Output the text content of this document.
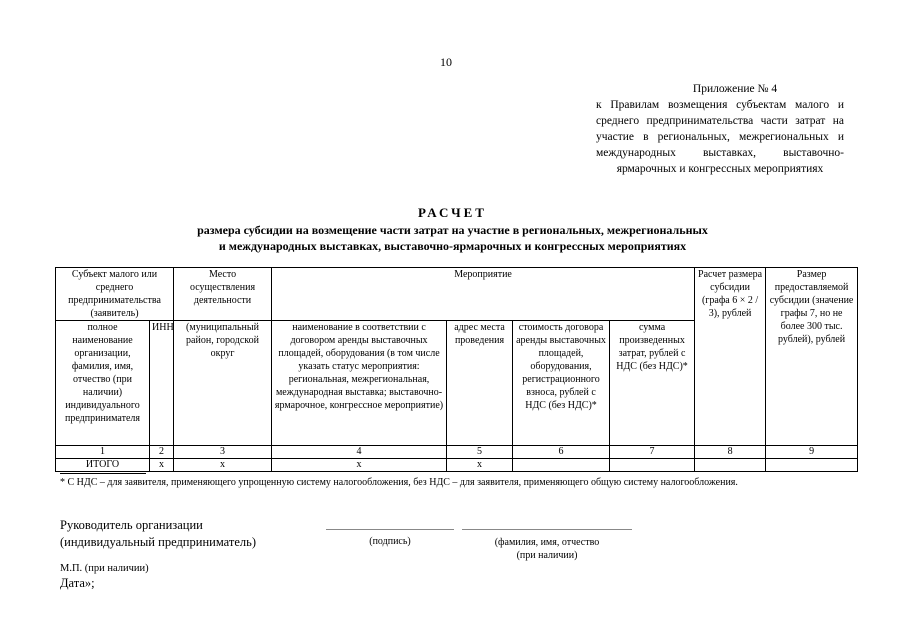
10
Приложение № 4
к Правилам возмещения субъектам малого и среднего предпринимательства части затрат на участие в региональных, межрегиональных и международных выставках, выставочно-ярмарочных и конгрессных мероприятиях
РАСЧЕТ
размера субсидии на возмещение части затрат на участие в региональных, межрегиональных
и международных выставках, выставочно-ярмарочных и конгрессных мероприятиях
Субъект малого или среднего предпринимательства (заявитель)		Место осуществления деятельности	Мероприятие				Расчет размера субсидии (графа 6 × 2 / 3), рублей	Размер предоставляемой субсидии (значение графы 7, но не более 300 тыс. рублей), рублей
полное наименование организации, фамилия, имя, отчество (при наличии) индивидуального предпринимателя	ИНН	(муниципальный район, городской округ	наименование в соответствии с договором аренды выставочных площадей, оборудования (в том числе указать статус мероприятия: региональная, межрегиональная, международная выставка; выставочно-ярмарочное, конгрессное мероприятие)	адрес места проведения	стоимость договора аренды выставочных площадей, оборудования, регистрационного взноса, рублей с НДС (без НДС)*	сумма произведенных затрат, рублей с НДС (без НДС)*		
1	2	3	4	5	6	7	8	9
ИТОГО	x	x	x	x				
* С НДС – для заявителя, применяющего упрощенную систему налогообложения, без НДС – для заявителя, применяющего общую систему налогообложения.
Руководитель организации
(индивидуальный предприниматель)	(подпись)	(фамилия, имя, отчество
(при наличии)
М.П. (при наличии)
Дата»;
